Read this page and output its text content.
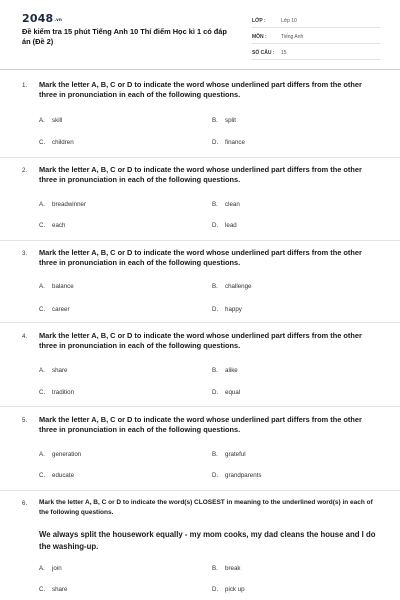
2048.vn
Đề kiểm tra 15 phút Tiếng Anh 10 Thí điểm Học kì 1 có đáp án (Đề 2)
LỚP :	Lớp 10
MÔN :	Tiếng Anh
SỐ CÂU :	15
1. Mark the letter A, B, C or D to indicate the word whose underlined part differs from the other three in pronunciation in each of the following questions.
A. skill	B. split
C. children	D. finance
2. Mark the letter A, B, C or D to indicate the word whose underlined part differs from the other three in pronunciation in each of the following questions.
A. breadwinner	B. clean
C. each	D. lead
3. Mark the letter A, B, C or D to indicate the word whose underlined part differs from the other three in pronunciation in each of the following questions.
A. balance	B. challenge
C. career	D. happy
4. Mark the letter A, B, C or D to indicate the word whose underlined part differs from the other three in pronunciation in each of the following questions.
A. share	B. alike
C. tradition	D. equal
5. Mark the letter A, B, C or D to indicate the word whose underlined part differs from the other three in pronunciation in each of the following questions.
A. generation	B. grateful
C. educate	D. grandparents
6. Mark the letter A, B, C or D to indicate the word(s) CLOSEST in meaning to the underlined word(s) in each of the following questions.
We always split the housework equally - my mom cooks, my dad cleans the house and I do the washing-up.
A. join	B. break
C. share	D. pick up
